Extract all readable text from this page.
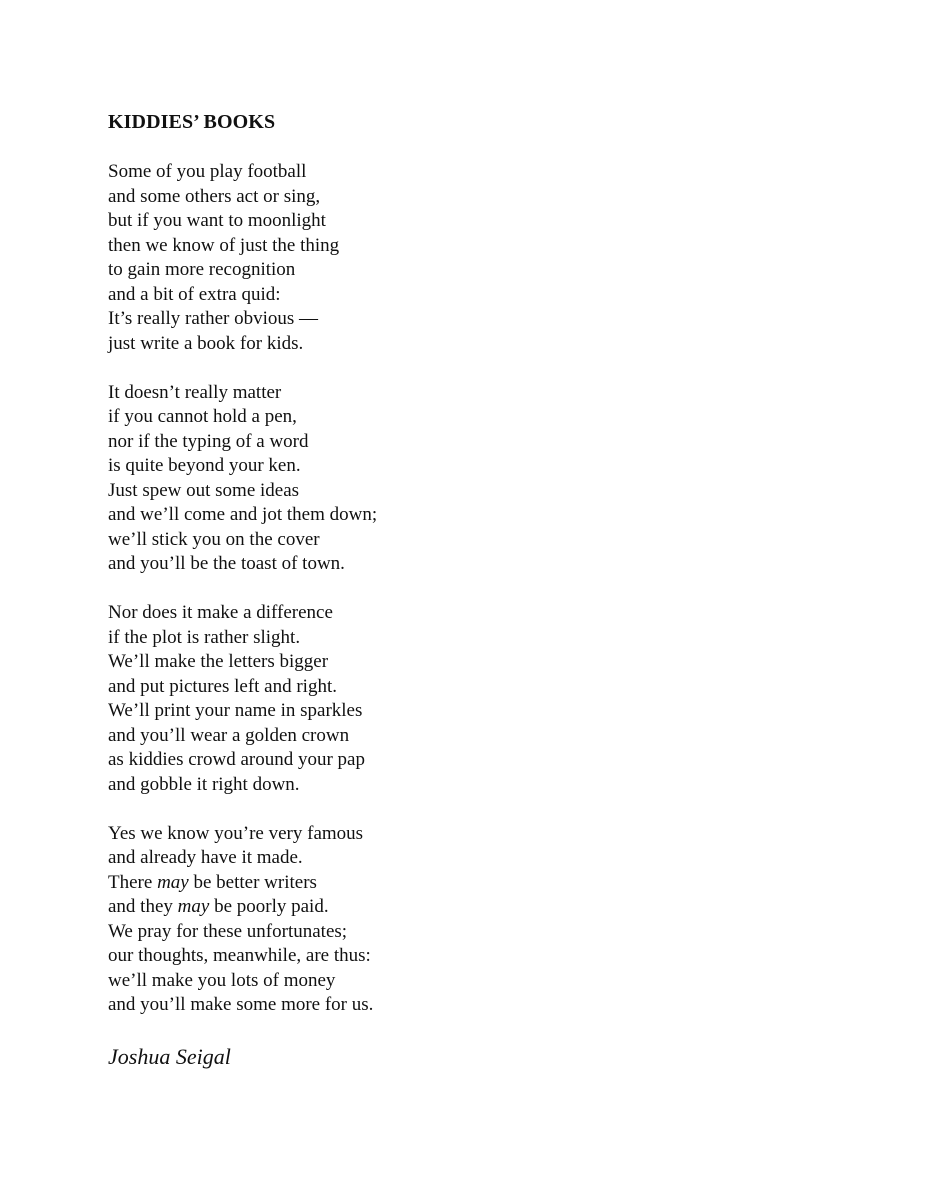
KIDDIES’ BOOKS
Some of you play football
and some others act or sing,
but if you want to moonlight
then we know of just the thing
to gain more recognition
and a bit of extra quid:
It’s really rather obvious —
just write a book for kids.
It doesn’t really matter
if you cannot hold a pen,
nor if the typing of a word
is quite beyond your ken.
Just spew out some ideas
and we’ll come and jot them down;
we’ll stick you on the cover
and you’ll be the toast of town.
Nor does it make a difference
if the plot is rather slight.
We’ll make the letters bigger
and put pictures left and right.
We’ll print your name in sparkles
and you’ll wear a golden crown
as kiddies crowd around your pap
and gobble it right down.
Yes we know you’re very famous
and already have it made.
There may be better writers
and they may be poorly paid.
We pray for these unfortunates;
our thoughts, meanwhile, are thus:
we’ll make you lots of money
and you’ll make some more for us.
Joshua Seigal
